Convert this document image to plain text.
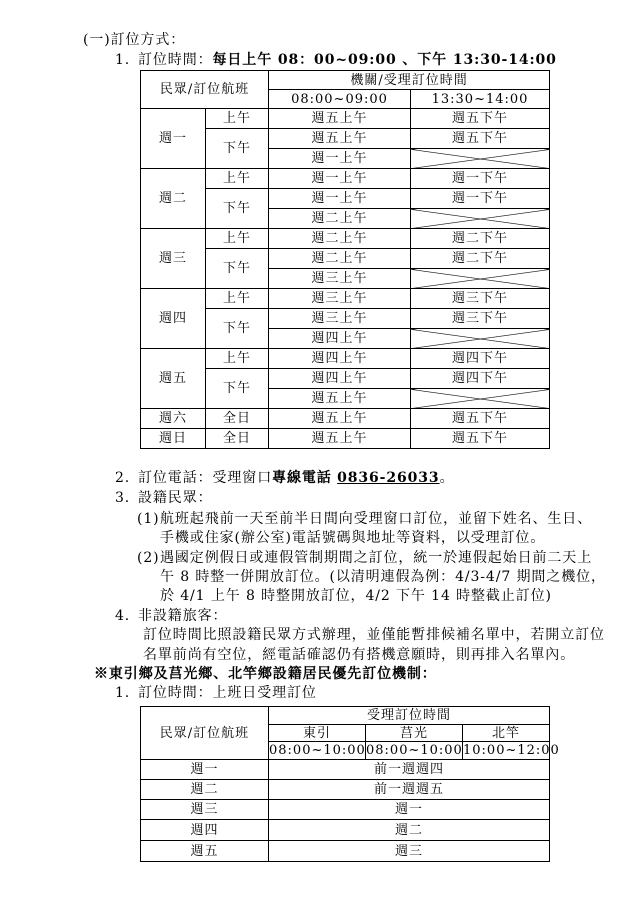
(一)訂位方式：
1. 訂位時間：每日上午 08：00~09:00 、下午 13:30-14:00
民眾/訂位航班		機關/受理訂位時間	
		08:00~09:00	13:30~14:00
週一	上午	週五上午	週五下午
	下午	週五上午	週五下午
		週一上午	
週二	上午	週一上午	週一下午
	下午	週一上午	週一下午
		週二上午	
週三	上午	週二上午	週二下午
	下午	週二上午	週二下午
		週三上午	
週四	上午	週三上午	週三下午
	下午	週三上午	週三下午
		週四上午	
週五	上午	週四上午	週四下午
	下午	週四上午	週四下午
		週五上午	
週六	全日	週五上午	週五下午
週日	全日	週五上午	週五下午
2. 訂位電話：受理窗口專線電話 0836-26033。
3. 設籍民眾：
(1) 航班起飛前一天至前半日間向受理窗口訂位，並留下姓名、生日、
手機或住家(辦公室)電話號碼與地址等資料，以受理訂位。
(2) 遇國定例假日或連假管制期間之訂位，統一於連假起始日前二天上
午 8 時整一併開放訂位。(以清明連假為例：4/3-4/7 期間之機位，
於 4/1 上午 8 時整開放訂位，4/2 下午 14 時整截止訂位)
4. 非設籍旅客：
訂位時間比照設籍民眾方式辦理，並僅能暫排候補名單中，若開立訂位
名單前尚有空位，經電話確認仍有搭機意願時，則再排入名單內。
※東引鄉及莒光鄉、北竿鄉設籍居民優先訂位機制：
1. 訂位時間：上班日受理訂位
民眾/訂位航班	受理訂位時間		
	東引	莒光	北竿
	08:00~10:00	08:00~10:00	10:00~12:00
週一	前一週週四		
週二	前一週週五		
週三	週一		
週四	週二		
週五	週三		
